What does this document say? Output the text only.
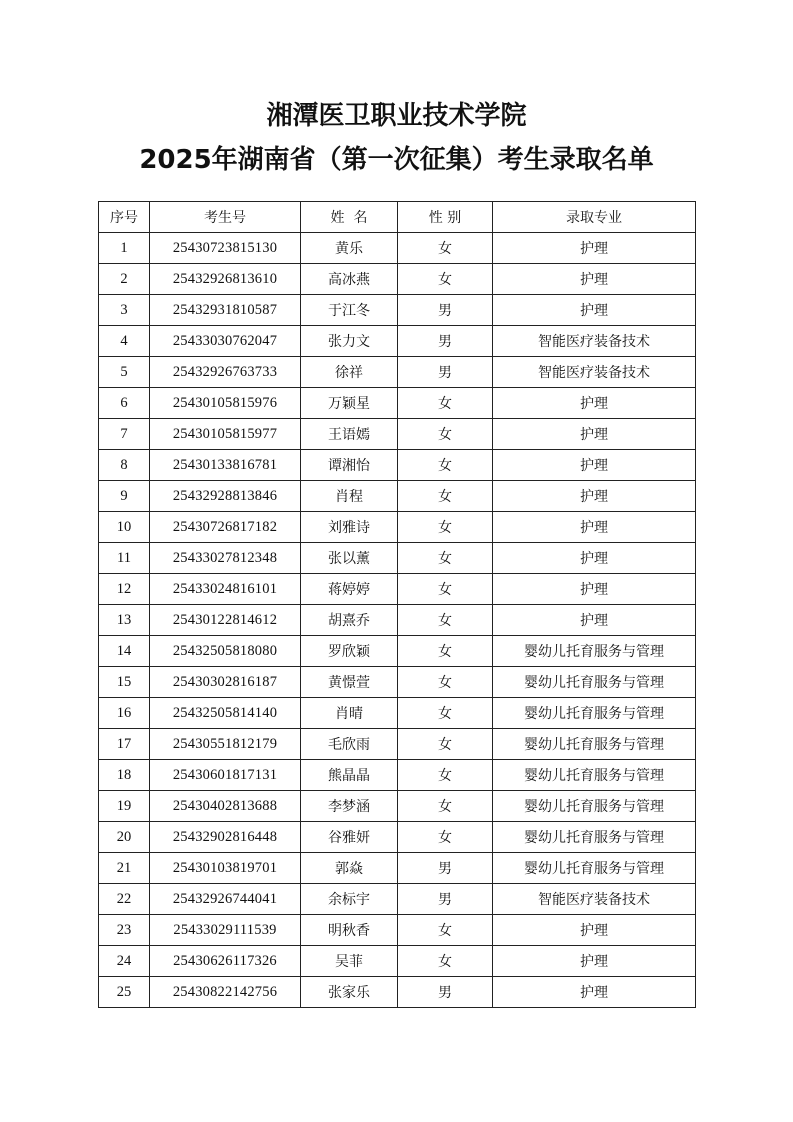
湘潭医卫职业技术学院
2025年湖南省（第一次征集）考生录取名单
序号	考生号	姓  名	性 别	录取专业
1	25430723815130	黄乐	女	护理
2	25432926813610	高冰燕	女	护理
3	25432931810587	于江冬	男	护理
4	25433030762047	张力文	男	智能医疗装备技术
5	25432926763733	徐祥	男	智能医疗装备技术
6	25430105815976	万颖星	女	护理
7	25430105815977	王语嫣	女	护理
8	25430133816781	谭湘怡	女	护理
9	25432928813846	肖程	女	护理
10	25430726817182	刘雅诗	女	护理
11	25433027812348	张以薰	女	护理
12	25433024816101	蒋婷婷	女	护理
13	25430122814612	胡熹乔	女	护理
14	25432505818080	罗欣颖	女	婴幼儿托育服务与管理
15	25430302816187	黄憬萱	女	婴幼儿托育服务与管理
16	25432505814140	肖晴	女	婴幼儿托育服务与管理
17	25430551812179	毛欣雨	女	婴幼儿托育服务与管理
18	25430601817131	熊晶晶	女	婴幼儿托育服务与管理
19	25430402813688	李梦涵	女	婴幼儿托育服务与管理
20	25432902816448	谷雅妍	女	婴幼儿托育服务与管理
21	25430103819701	郭焱	男	婴幼儿托育服务与管理
22	25432926744041	余标宇	男	智能医疗装备技术
23	25433029111539	明秋香	女	护理
24	25430626117326	吴菲	女	护理
25	25430822142756	张家乐	男	护理
